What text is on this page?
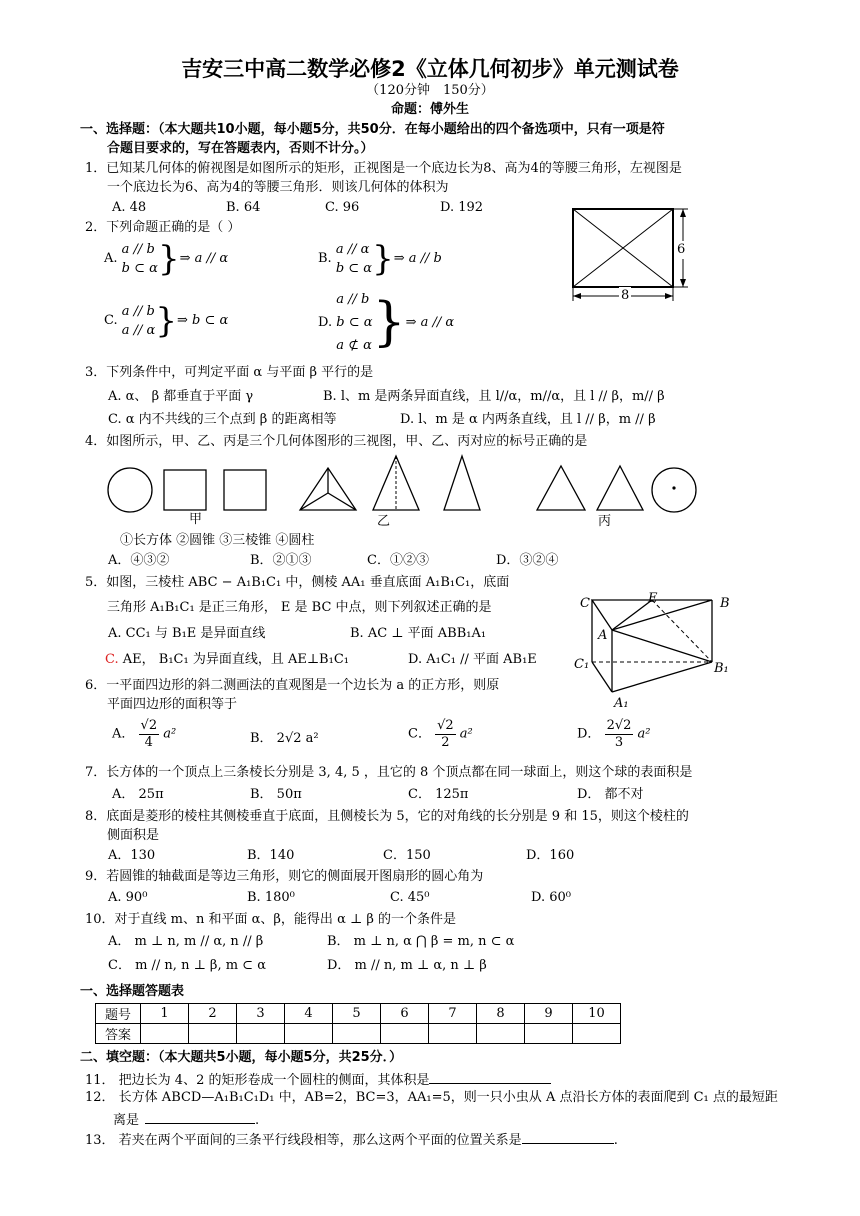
吉安三中高二数学必修2《立体几何初步》单元测试卷
（120分钟　150分）
命题：傅外生
一、选择题：（本大题共10小题，每小题5分，共50分．在每小题给出的四个备选项中，只有一项是符
合题目要求的，写在答题表内，否则不计分。）
1．已知某几何体的俯视图是如图所示的矩形，正视图是一个底边长为8、高为4的等腰三角形，左视图是
一个底边长为6、高为4的等腰三角形．则该几何体的体积为
A. 48	B. 64	C. 96	D. 192
6
8
2．下列命题正确的是（ ）
A. a // b
b ⊂ α}⇒ a // α	B. a // α
b ⊂ α}⇒ a // b
C. a // b
a // α}⇒ b ⊂ α	D. a // b
b ⊂ α
a ⊄ α}⇒ a // α
3．下列条件中，可判定平面 α 与平面 β 平行的是
A. α、 β 都垂直于平面 γ	B. l、m 是两条异面直线，且 l//α，m//α，且 l // β，m// β
C. α 内不共线的三个点到 β 的距离相等	D. l、m 是 α 内两条直线，且 l // β，m // β
4．如图所示，甲、乙、丙是三个几何体图形的三视图，甲、乙、丙对应的标号正确的是
甲	乙	丙
①长方体 ②圆锥 ③三棱锥 ④圆柱
A．④③②	B．②①③	C．①②③	D．③②④
5．如图，三棱柱 ABC − A₁B₁C₁ 中，侧棱 AA₁ 垂直底面 A₁B₁C₁，底面
三角形 A₁B₁C₁ 是正三角形， E 是 BC 中点，则下列叙述正确的是
A. CC₁ 与 B₁E 是异面直线	B. AC ⊥ 平面 ABB₁A₁
C. AE， B₁C₁ 为异面直线，且 AE⊥B₁C₁	D. A₁C₁ // 平面 AB₁E
C	E	B
A
C₁	B₁
A₁
6．一平面四边形的斜二测画法的直观图是一个边长为 a 的正方形，则原
平面四边形的面积等于
A． $\frac{√2}{4} a^2$	B． 2√2 a²	C． $\frac{√2}{2} a^2$	D． $\frac{2√2}{3} a^2$
7．长方体的一个顶点上三条棱长分别是 3, 4, 5 ，且它的 8 个顶点都在同一球面上，则这个球的表面积是
A． 25π	B． 50π	C． 125π	D． 都不对
8．底面是菱形的棱柱其侧棱垂直于底面，且侧棱长为 5，它的对角线的长分别是 9 和 15，则这个棱柱的
侧面积是
A．130	B．140	C．150	D．160
9．若圆锥的轴截面是等边三角形，则它的侧面展开图扇形的圆心角为
A. 90⁰	B. 180⁰	C. 45⁰	D. 60⁰
10．对于直线 m、n 和平面 α、β，能得出 α ⊥ β 的一个条件是
A． m ⊥ n, m // α, n // β	B． m ⊥ n, α ⋂ β = m, n ⊂ α
C． m // n, n ⊥ β, m ⊂ α	D． m // n, m ⊥ α, n ⊥ β
一、选择题答题表
题号	1	2	3	4	5	6	7	8	9	10
答案										
二、填空题：（本大题共5小题，每小题5分，共25分．）
11． 把边长为 4、2 的矩形卷成一个圆柱的侧面，其体积是
12． 长方体 ABCD—A₁B₁C₁D₁ 中，AB=2，BC=3，AA₁=5，则一只小虫从 A 点沿长方体的表面爬到 C₁ 点的最短距
离是	.
13． 若夹在两个平面间的三条平行线段相等，那么这两个平面的位置关系是	.
